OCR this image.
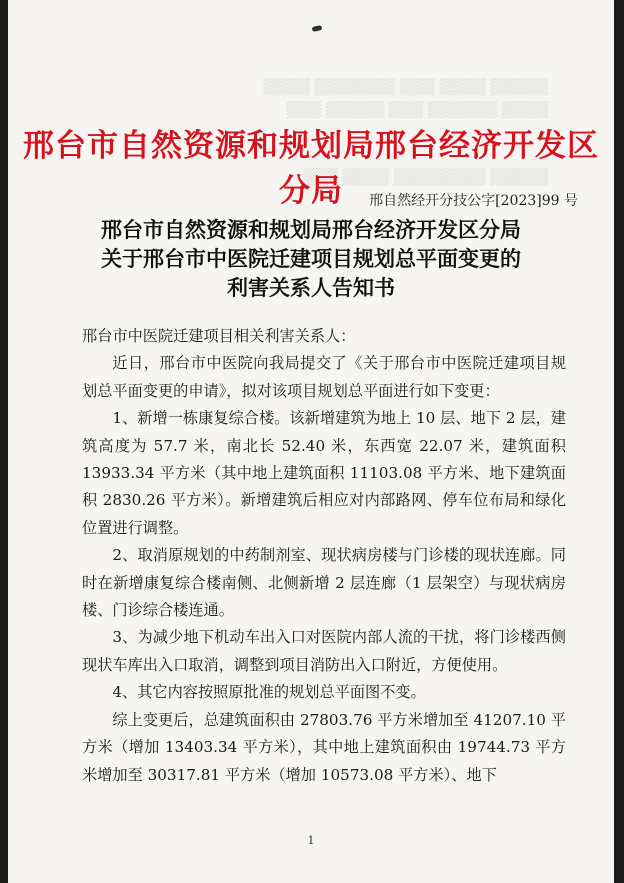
▒▒▒▒▒ ▒▒▒▒ ▒▒▒ ▒▒▒▒▒▒▒ ▒▒▒▒
▒▒▒▒ ▒▒▒▒▒▒ ▒▒▒ ▒▒▒▒▒ ▒▒▒
▒▒▒▒▒ ▒▒▒▒▒▒▒▒ ▒▒▒▒ ▒▒▒
邢台市自然资源和规划局邢台经济开发区分局	邢自然经开分技公字[2023]99 号
邢台市自然资源和规划局邢台经济开发区分局
关于邢台市中医院迁建项目规划总平面变更的
利害关系人告知书

邢台市中医院迁建项目相关利害关系人：

近日，邢台市中医院向我局提交了《关于邢台市中医院迁建项目规划总平面变更的申请》，拟对该项目规划总平面进行如下变更：

1、新增一栋康复综合楼。该新增建筑为地上 10 层、地下 2 层，建筑高度为 57.7 米，南北长 52.40 米，东西宽 22.07 米，建筑面积 13933.34 平方米（其中地上建筑面积 11103.08 平方米、地下建筑面积 2830.26 平方米）。新增建筑后相应对内部路网、停车位布局和绿化位置进行调整。

2、取消原规划的中药制剂室、现状病房楼与门诊楼的现状连廊。同时在新增康复综合楼南侧、北侧新增 2 层连廊（1 层架空）与现状病房楼、门诊综合楼连通。

3、为减少地下机动车出入口对医院内部人流的干扰，将门诊楼西侧现状车库出入口取消，调整到项目消防出入口附近，方便使用。

4、其它内容按照原批准的规划总平面图不变。

综上变更后，总建筑面积由 27803.76 平方米增加至 41207.10 平方米（增加 13403.34 平方米），其中地上建筑面积由 19744.73 平方米增加至 30317.81 平方米（增加 10573.08 平方米）、地下

1
